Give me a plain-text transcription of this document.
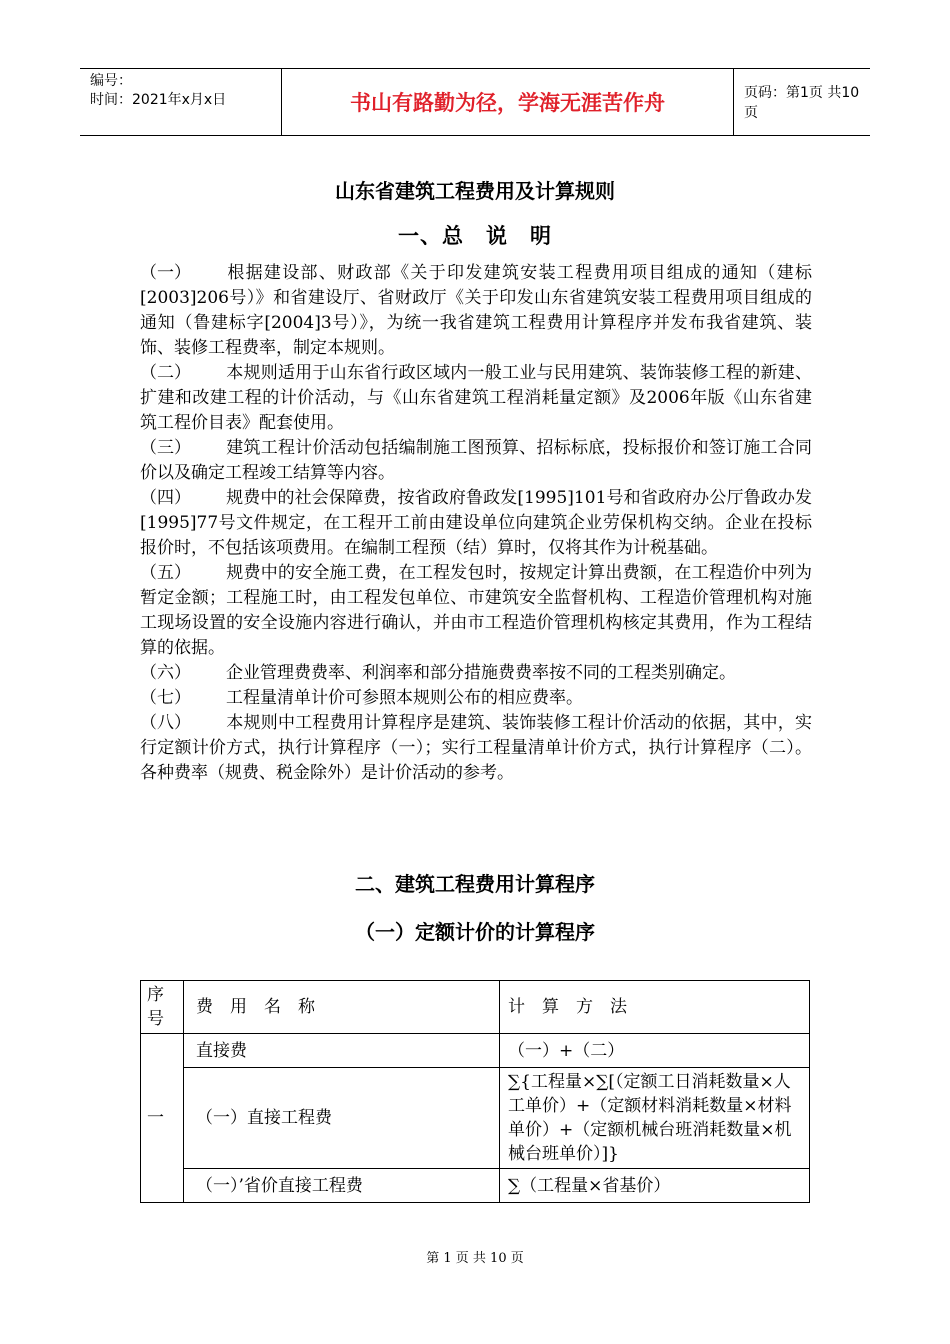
编号：
时间：2021年x月x日	书山有路勤为径，学海无涯苦作舟	页码：第1页 共10页
山东省建筑工程费用及计算规则
一、总　说　明

（一） 根据建设部、财政部《关于印发建筑安装工程费用项目组成的通知（建标[2003]206号）》和省建设厅、省财政厅《关于印发山东省建筑安装工程费用项目组成的通知（鲁建标字[2004]3号）》，为统一我省建筑工程费用计算程序并发布我省建筑、装饰、装修工程费率，制定本规则。

（二） 本规则适用于山东省行政区域内一般工业与民用建筑、装饰装修工程的新建、扩建和改建工程的计价活动，与《山东省建筑工程消耗量定额》及2006年版《山东省建筑工程价目表》配套使用。

（三） 建筑工程计价活动包括编制施工图预算、招标标底，投标报价和签订施工合同价以及确定工程竣工结算等内容。

（四） 规费中的社会保障费，按省政府鲁政发[1995]101号和省政府办公厅鲁政办发[1995]77号文件规定，在工程开工前由建设单位向建筑企业劳保机构交纳。企业在投标报价时，不包括该项费用。在编制工程预（结）算时，仅将其作为计税基础。

（五） 规费中的安全施工费，在工程发包时，按规定计算出费额，在工程造价中列为暂定金额；工程施工时，由工程发包单位、市建筑安全监督机构、工程造价管理机构对施工现场设置的安全设施内容进行确认，并由市工程造价管理机构核定其费用，作为工程结算的依据。

（六） 企业管理费费率、利润率和部分措施费费率按不同的工程类别确定。

（七） 工程量清单计价可参照本规则公布的相应费率。

（八） 本规则中工程费用计算程序是建筑、装饰装修工程计价活动的依据，其中，实行定额计价方式，执行计算程序（一）；实行工程量清单计价方式，执行计算程序（二）。各种费率（规费、税金除外）是计价活动的参考。

二、建筑工程费用计算程序
（一）定额计价的计算程序
序号	费　用　名　称	计　算　方　法
一	直接费	（一）+（二）
	（一）直接工程费	∑{工程量×∑[（定额工日消耗数量×人工单价）+（定额材料消耗数量×材料单价）+（定额机械台班消耗数量×机械台班单价）]}
	（一）’省价直接工程费	∑（工程量×省基价）
第 1 页 共 10 页
